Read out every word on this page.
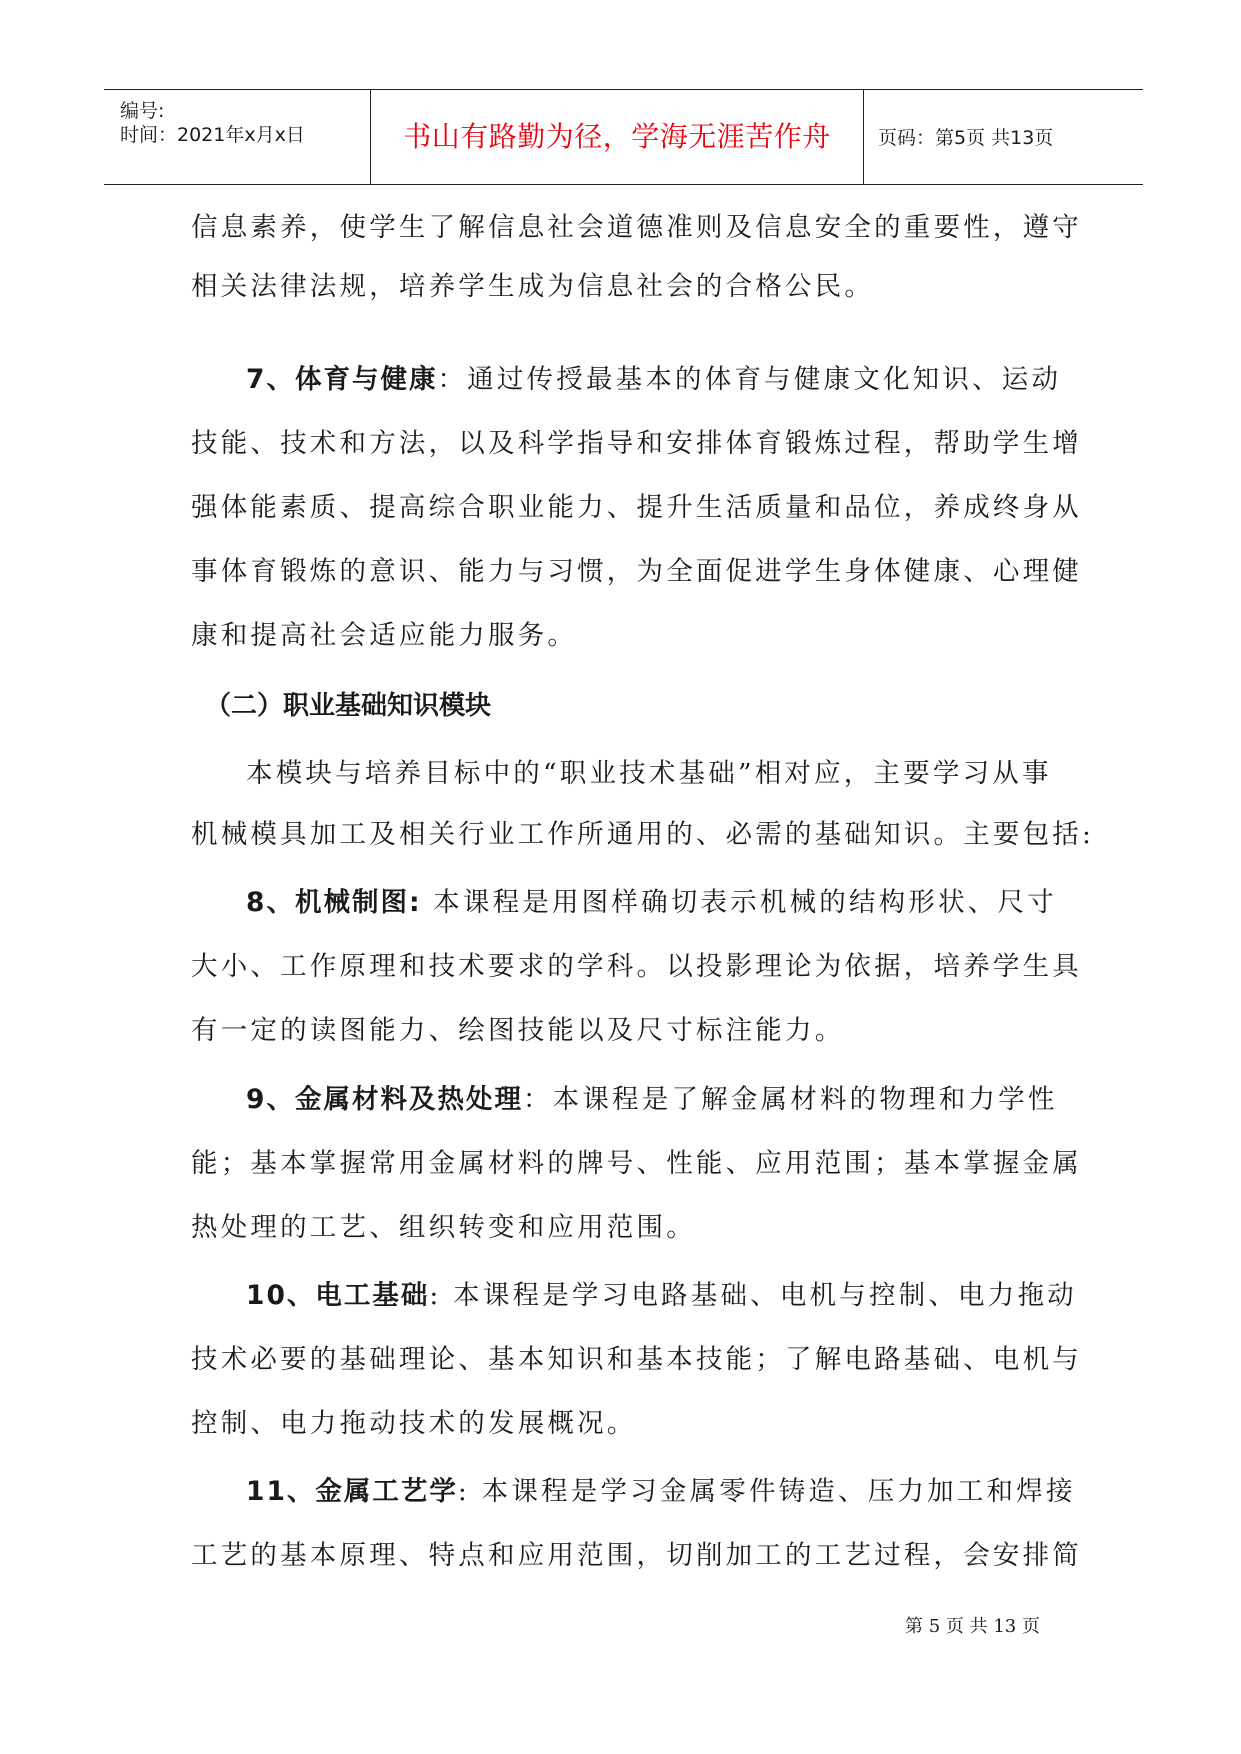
编号:
时间：2021年x月x日	书山有路勤为径，学海无涯苦作舟	页码：第5页 共13页
信息素养，使学生了解信息社会道德准则及信息安全的重要性，遵守
相关法律法规，培养学生成为信息社会的合格公民。
7、体育与健康：通过传授最基本的体育与健康文化知识、运动
技能、技术和方法，以及科学指导和安排体育锻炼过程，帮助学生增
强体能素质、提高综合职业能力、提升生活质量和品位，养成终身从
事体育锻炼的意识、能力与习惯，为全面促进学生身体健康、心理健
康和提高社会适应能力服务。
（二）职业基础知识模块
本模块与培养目标中的“职业技术基础”相对应，主要学习从事
机械模具加工及相关行业工作所通用的、必需的基础知识。主要包括:
8、机械制图: 本课程是用图样确切表示机械的结构形状、尺寸
大小、工作原理和技术要求的学科。以投影理论为依据，培养学生具
有一定的读图能力、绘图技能以及尺寸标注能力。
9、金属材料及热处理：本课程是了解金属材料的物理和力学性
能；基本掌握常用金属材料的牌号、性能、应用范围；基本掌握金属
热处理的工艺、组织转变和应用范围。
10、电工基础: 本课程是学习电路基础、电机与控制、电力拖动
技术必要的基础理论、基本知识和基本技能；了解电路基础、电机与
控制、电力拖动技术的发展概况。
11、金属工艺学: 本课程是学习金属零件铸造、压力加工和焊接
工艺的基本原理、特点和应用范围，切削加工的工艺过程，会安排简
第 5 页 共 13 页
